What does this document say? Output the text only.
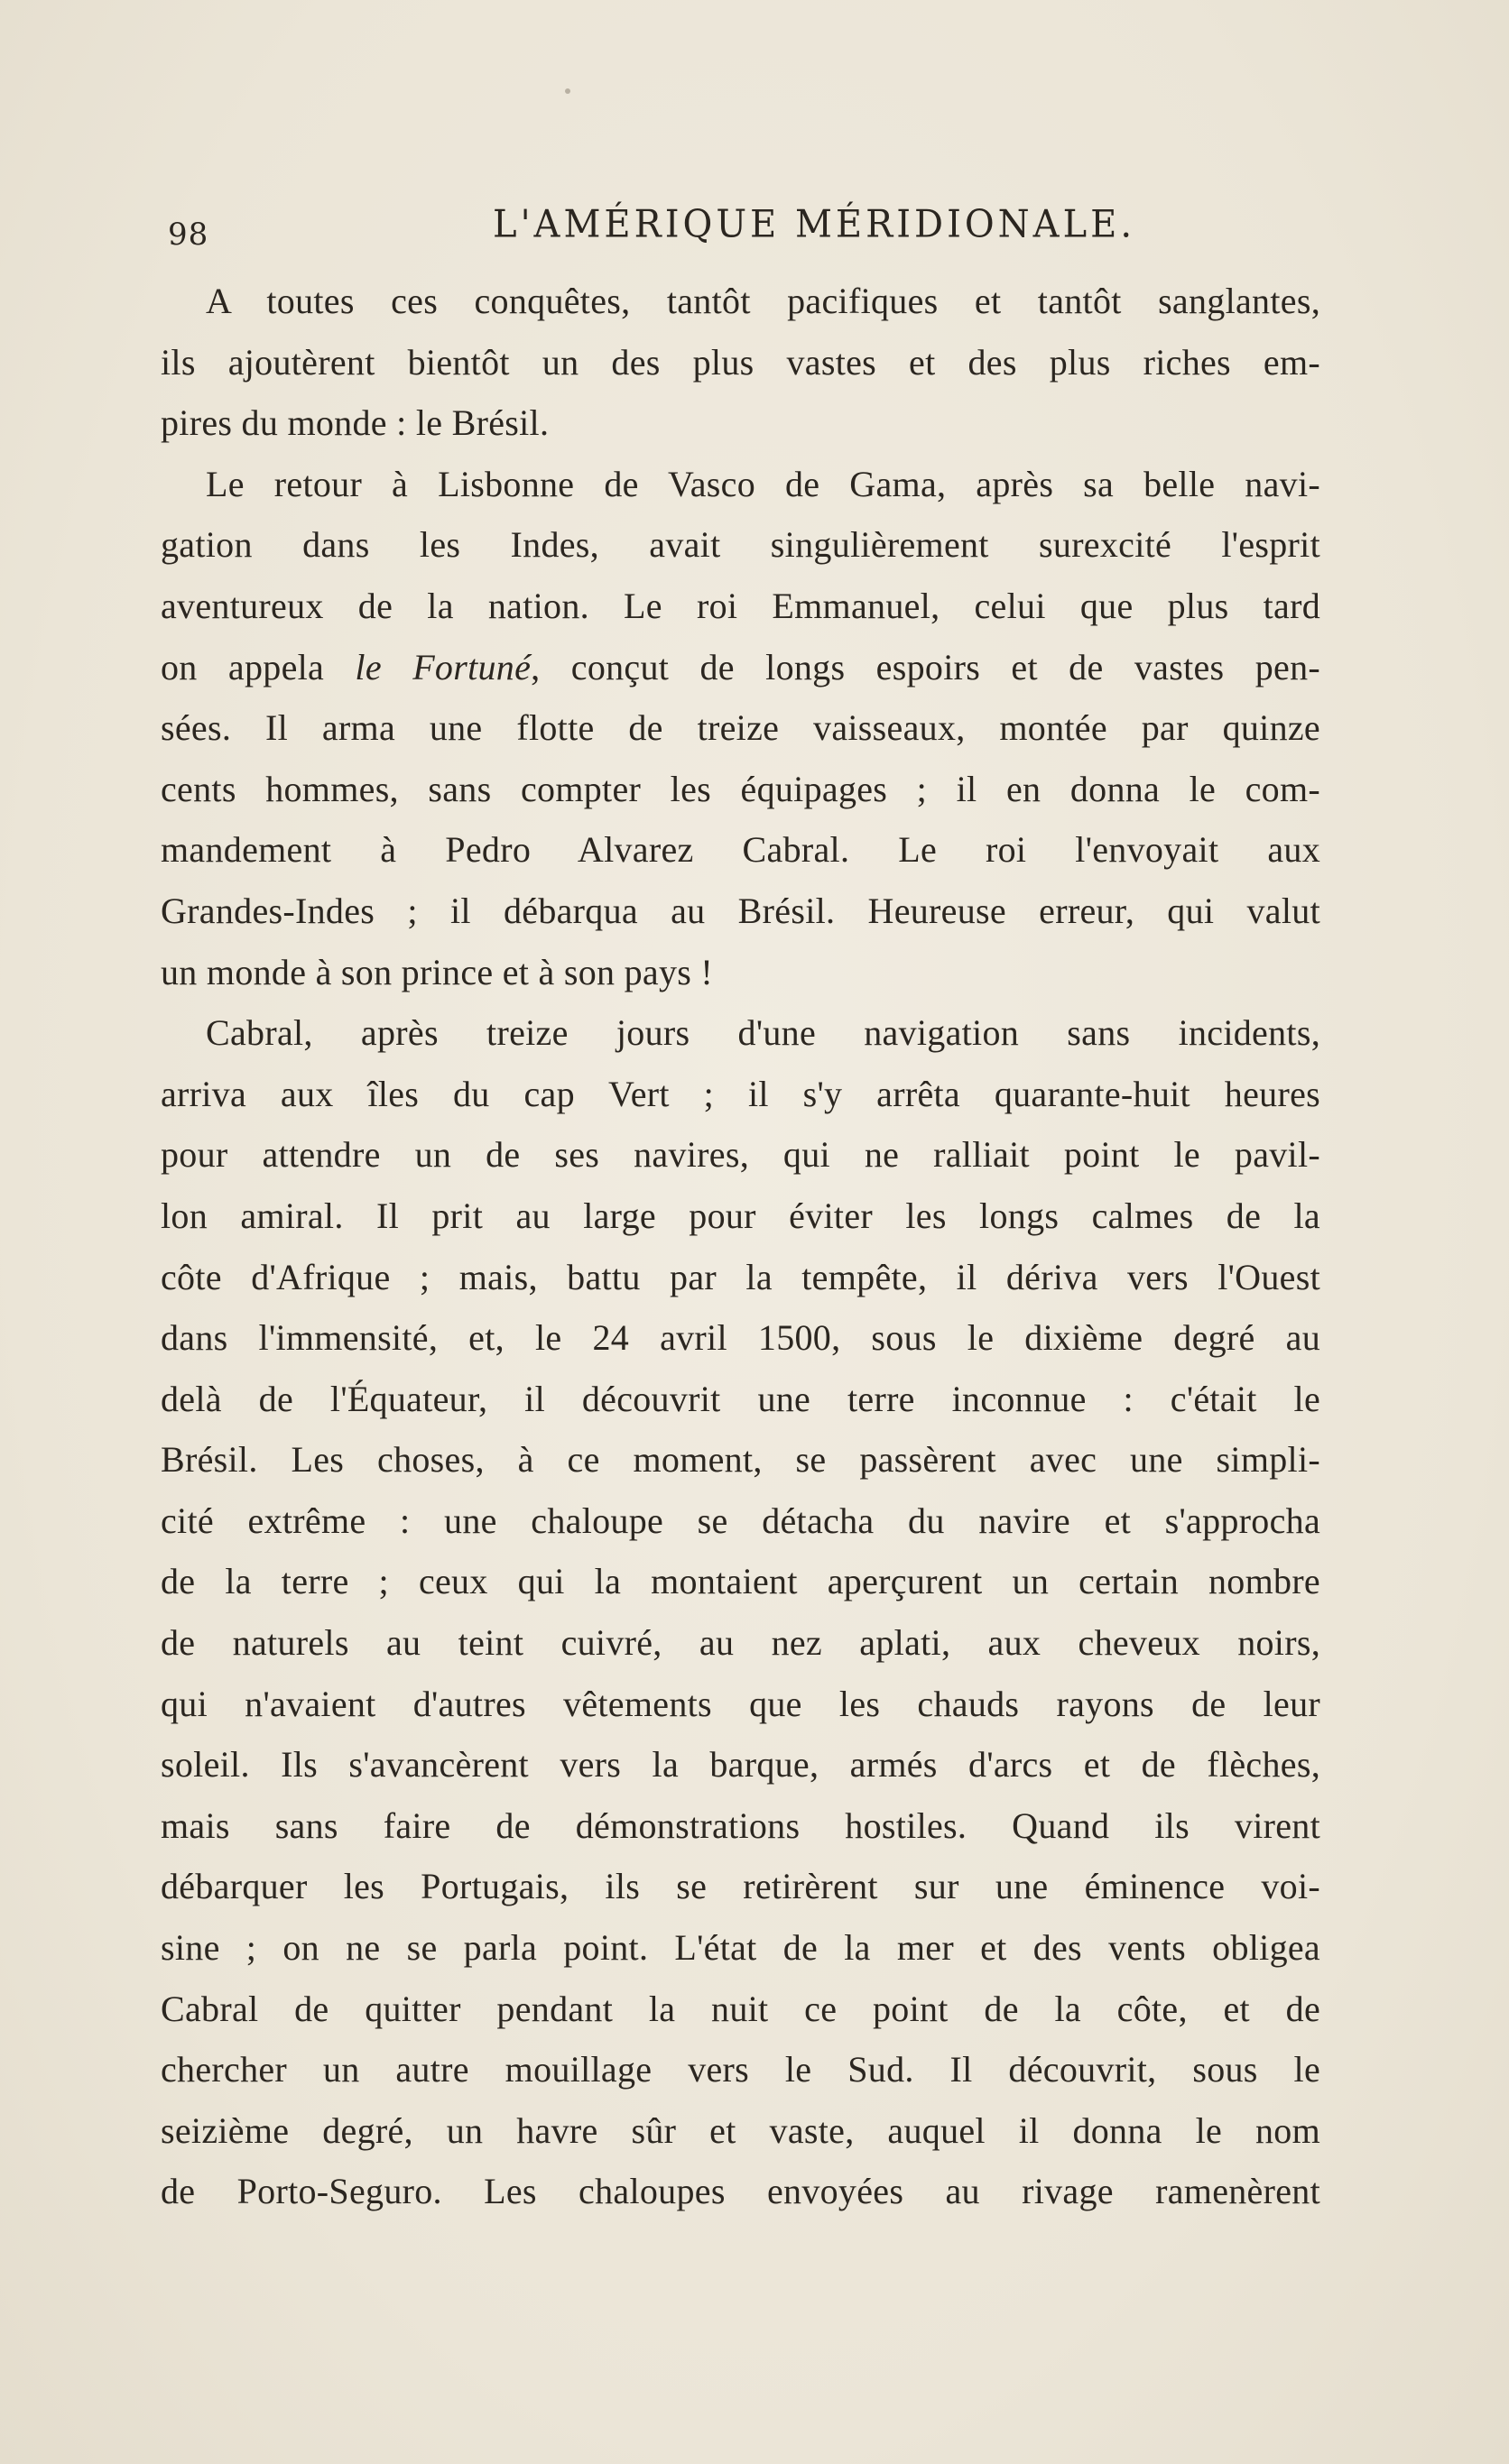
98	L'AMÉRIQUE MÉRIDIONALE.
A toutes ces conquêtes, tantôt pacifiques et tantôt sanglantes,
ils ajoutèrent bientôt un des plus vastes et des plus riches em-
pires du monde : le Brésil.
Le retour à Lisbonne de Vasco de Gama, après sa belle navi-
gation dans les Indes, avait singulièrement surexcité l'esprit
aventureux de la nation. Le roi Emmanuel, celui que plus tard
on appela le Fortuné, conçut de longs espoirs et de vastes pen-
sées. Il arma une flotte de treize vaisseaux, montée par quinze
cents hommes, sans compter les équipages ; il en donna le com-
mandement à Pedro Alvarez Cabral. Le roi l'envoyait aux
Grandes-Indes ; il débarqua au Brésil. Heureuse erreur, qui valut
un monde à son prince et à son pays !
Cabral, après treize jours d'une navigation sans incidents,
arriva aux îles du cap Vert ; il s'y arrêta quarante-huit heures
pour attendre un de ses navires, qui ne ralliait point le pavil-
lon amiral. Il prit au large pour éviter les longs calmes de la
côte d'Afrique ; mais, battu par la tempête, il dériva vers l'Ouest
dans l'immensité, et, le 24 avril 1500, sous le dixième degré au
delà de l'Équateur, il découvrit une terre inconnue : c'était le
Brésil. Les choses, à ce moment, se passèrent avec une simpli-
cité extrême : une chaloupe se détacha du navire et s'approcha
de la terre ; ceux qui la montaient aperçurent un certain nombre
de naturels au teint cuivré, au nez aplati, aux cheveux noirs,
qui n'avaient d'autres vêtements que les chauds rayons de leur
soleil. Ils s'avancèrent vers la barque, armés d'arcs et de flèches,
mais sans faire de démonstrations hostiles. Quand ils virent
débarquer les Portugais, ils se retirèrent sur une éminence voi-
sine ; on ne se parla point. L'état de la mer et des vents obligea
Cabral de quitter pendant la nuit ce point de la côte, et de
chercher un autre mouillage vers le Sud. Il découvrit, sous le
seizième degré, un havre sûr et vaste, auquel il donna le nom
de Porto-Seguro. Les chaloupes envoyées au rivage ramenèrent
